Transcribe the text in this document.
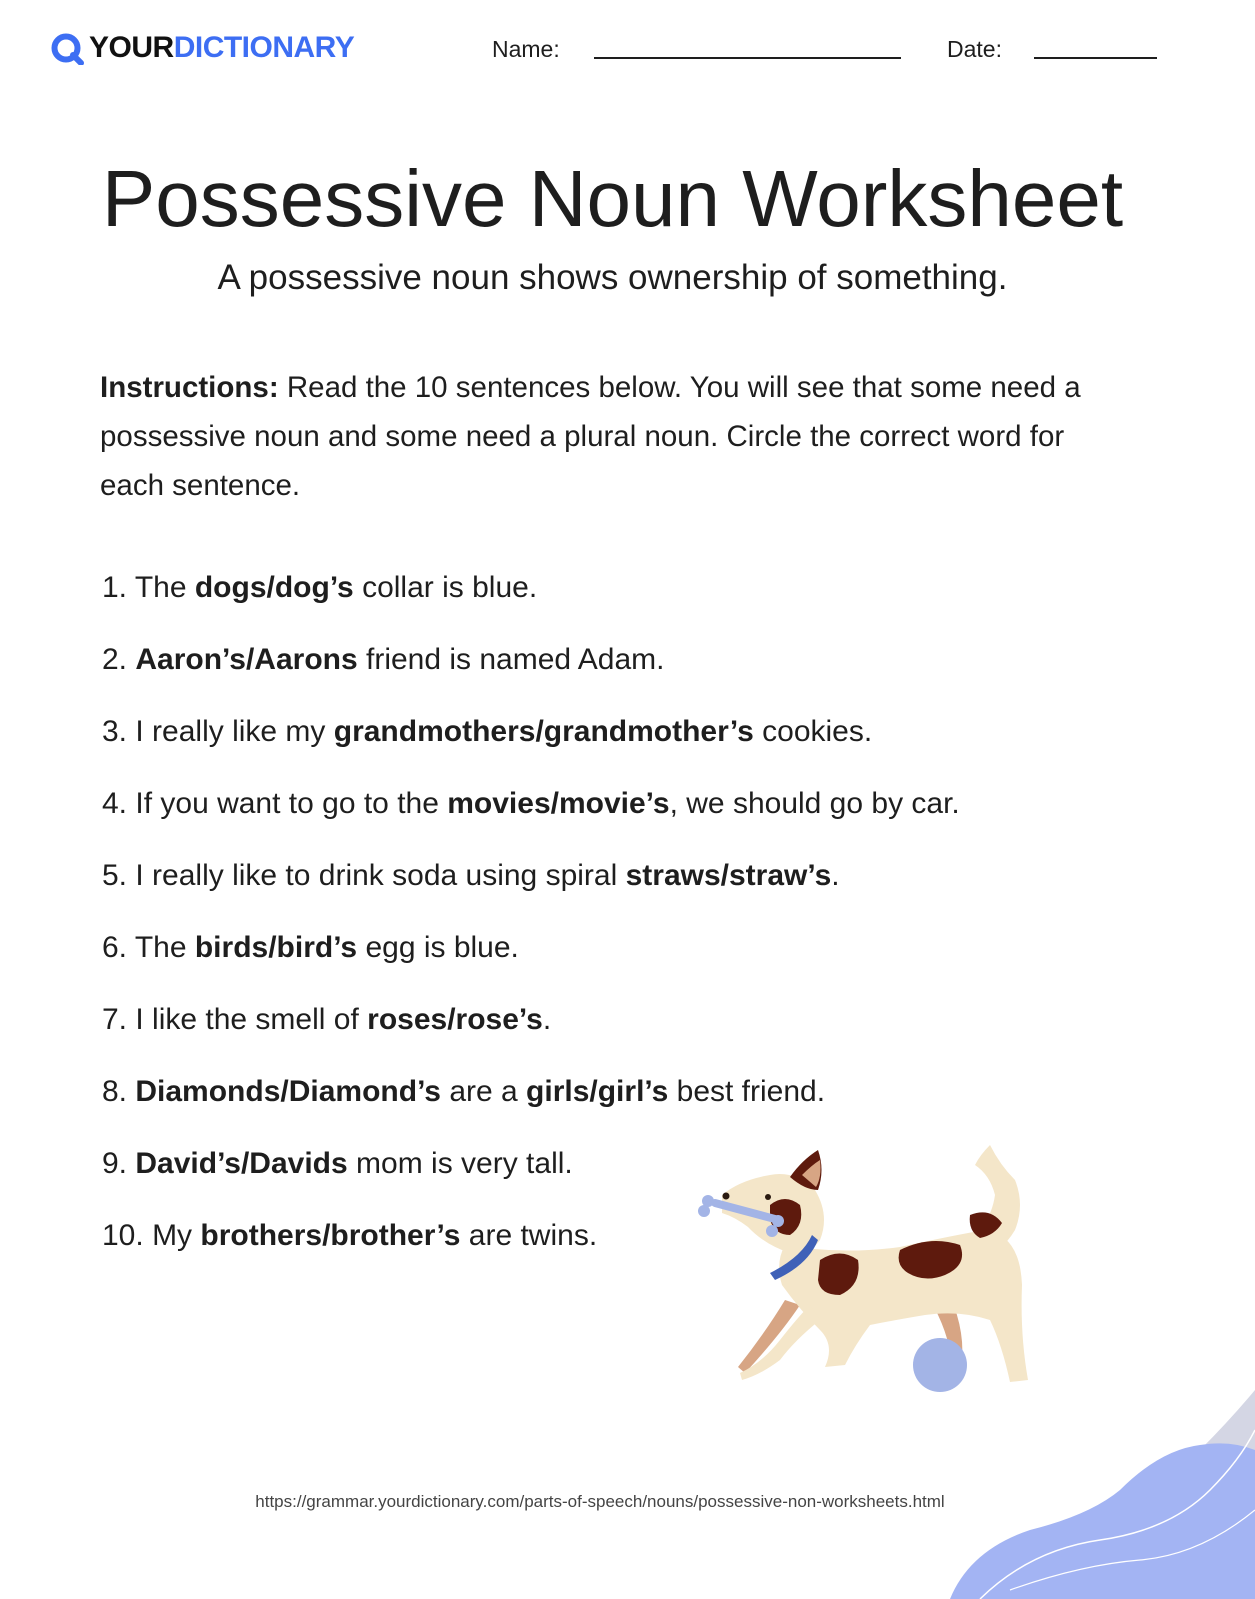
YOURDICTIONARY	Name:	Date:
Possessive Noun Worksheet
A possessive noun shows ownership of something.
Instructions: Read the 10 sentences below. You will see that some need a possessive noun and some need a plural noun. Circle the correct word for each sentence.
1. The dogs/dog’s collar is blue.
2. Aaron’s/Aarons friend is named Adam.
3. I really like my grandmothers/grandmother’s cookies.
4. If you want to go to the movies/movie’s, we should go by car.
5. I really like to drink soda using spiral straws/straw’s.
6. The birds/bird’s egg is blue.
7. I like the smell of roses/rose’s.
8. Diamonds/Diamond’s are a girls/girl’s best friend.
9. David’s/Davids mom is very tall.
10. My brothers/brother’s are twins.
https://grammar.yourdictionary.com/parts-of-speech/nouns/possessive-non-worksheets.html
